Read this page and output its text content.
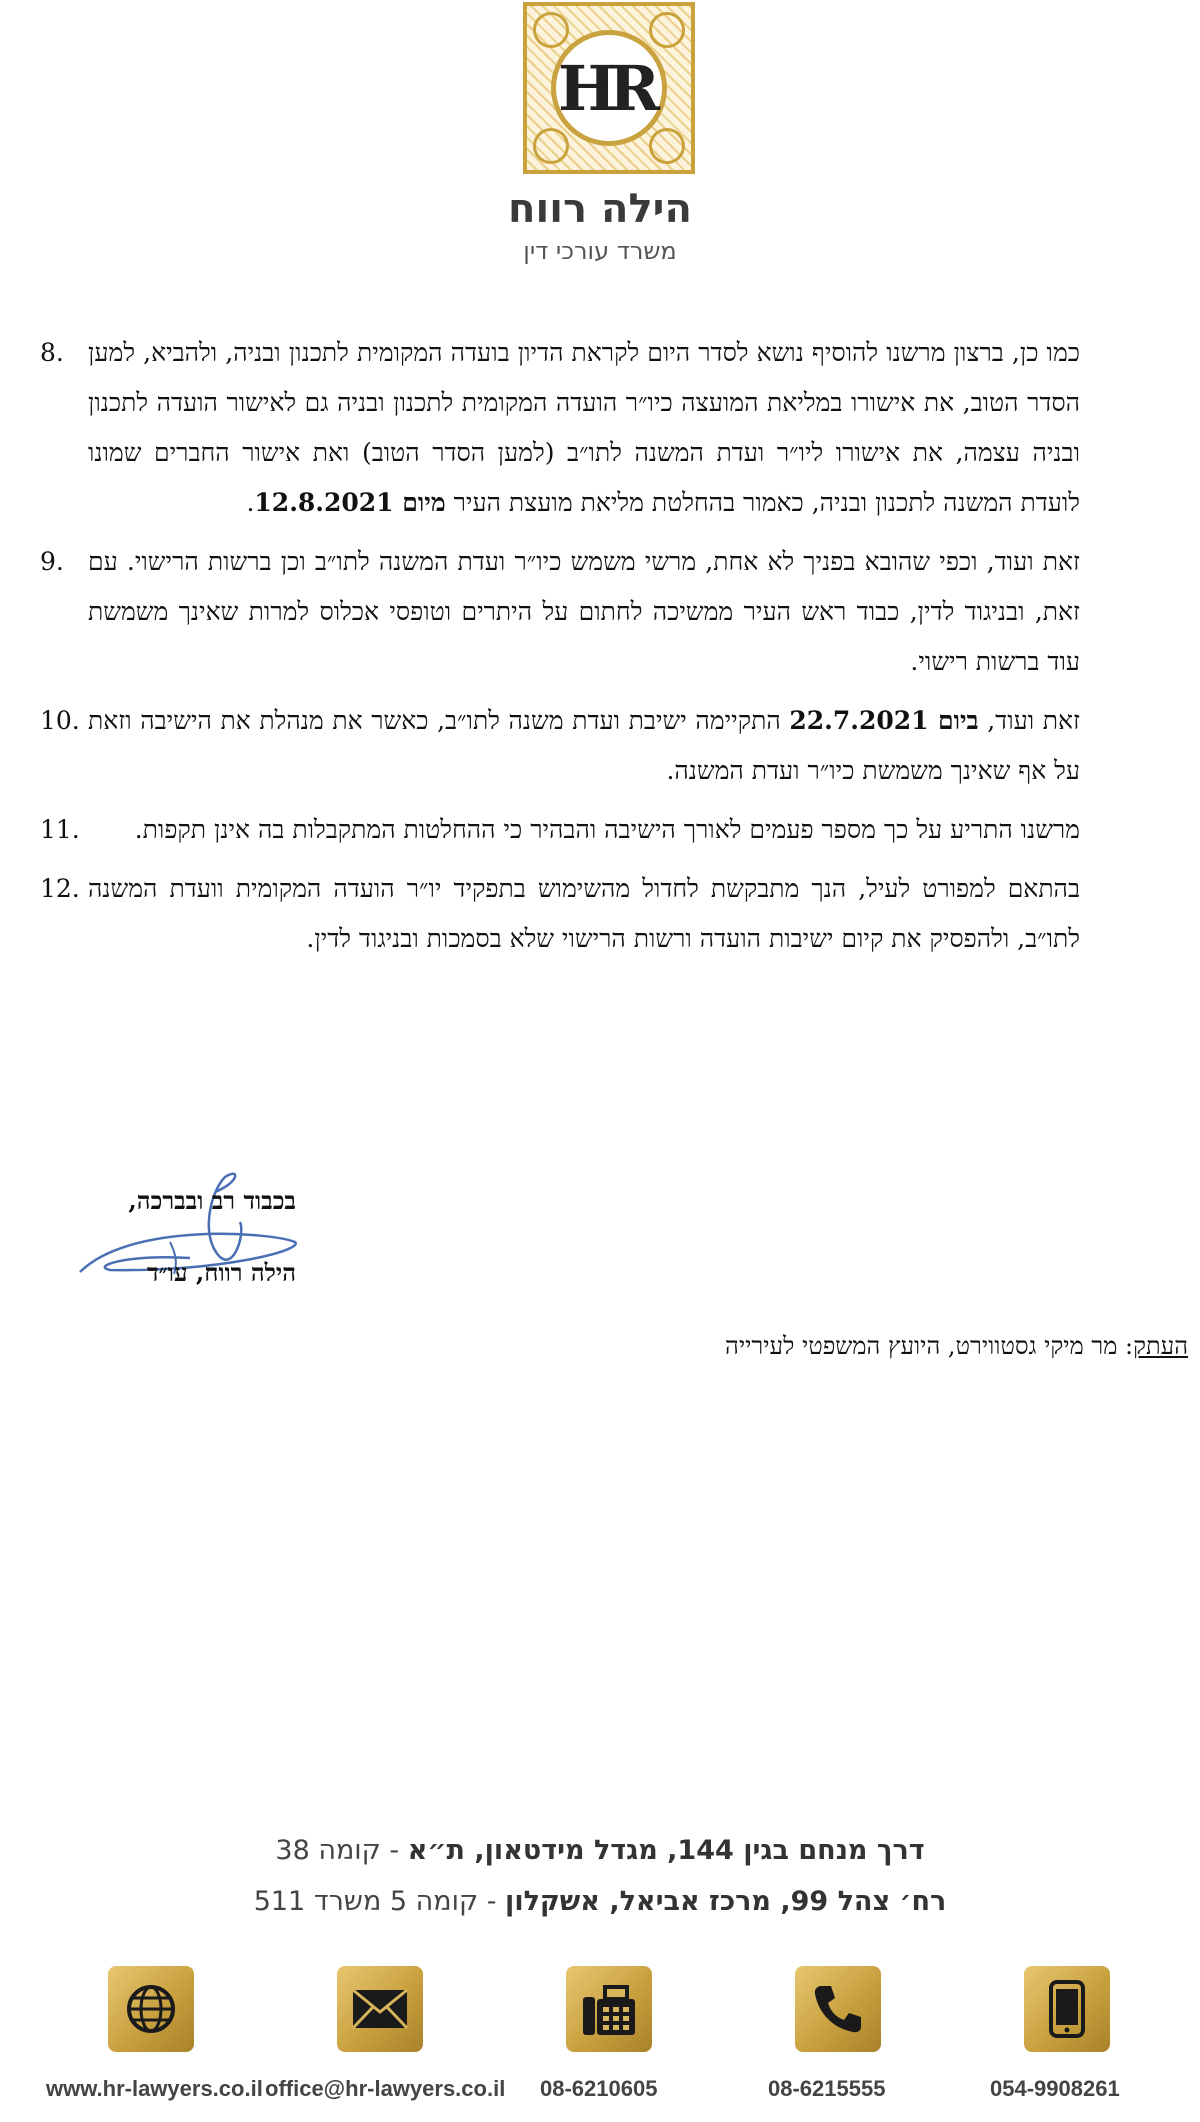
HR
הילה רווח
משרד עורכי דין
כמו כן, ברצון מרשנו להוסיף נושא לסדר היום לקראת הדיון בועדה המקומית לתכנון ובניה, ולהביא, למען הסדר הטוב, את אישורו במליאת המועצה כיו״ר הועדה המקומית לתכנון ובניה גם לאישור הועדה לתכנון ובניה עצמה, את אישורו ליו״ר ועדת המשנה לתו״ב (למען הסדר הטוב) ואת אישור החברים שמונו לועדת המשנה לתכנון ובניה, כאמור בהחלטת מליאת מועצת העיר מיום 12.8.2021.
8.
זאת ועוד, וכפי שהובא בפניך לא אחת, מרשי משמש כיו״ר ועדת המשנה לתו״ב וכן ברשות הרישוי. עם זאת, ובניגוד לדין, כבוד ראש העיר ממשיכה לחתום על היתרים וטופסי אכלוס למרות שאינך משמשת עוד ברשות רישוי.
9.
זאת ועוד, ביום 22.7.2021 התקיימה ישיבת ועדת משנה לתו״ב, כאשר את מנהלת את הישיבה וזאת על אף שאינך משמשת כיו״ר ועדת המשנה.
10.
מרשנו התריע על כך מספר פעמים לאורך הישיבה והבהיר כי ההחלטות המתקבלות בה אינן תקפות.
11.
בהתאם למפורט לעיל, הנך מתבקשת לחדול מהשימוש בתפקיד יו״ר הועדה המקומית וועדת המשנה לתו״ב, ולהפסיק את קיום ישיבות הועדה ורשות הרישוי שלא בסמכות ובניגוד לדין.
12.
בכבוד רב ובברכה,
הילה רווח, עו״ד
העתק: מר מיקי גסטווירט, היועץ המשפטי לעירייה
דרך מנחם בגין 144, מגדל מידטאון, ת״א - קומה 38
רח׳ צהל 99, מרכז אביאל, אשקלון - קומה 5 משרד 511
www.hr-lawyers.co.il office@hr-lawyers.co.il 08-6210605	08-6215555	054-9908261
